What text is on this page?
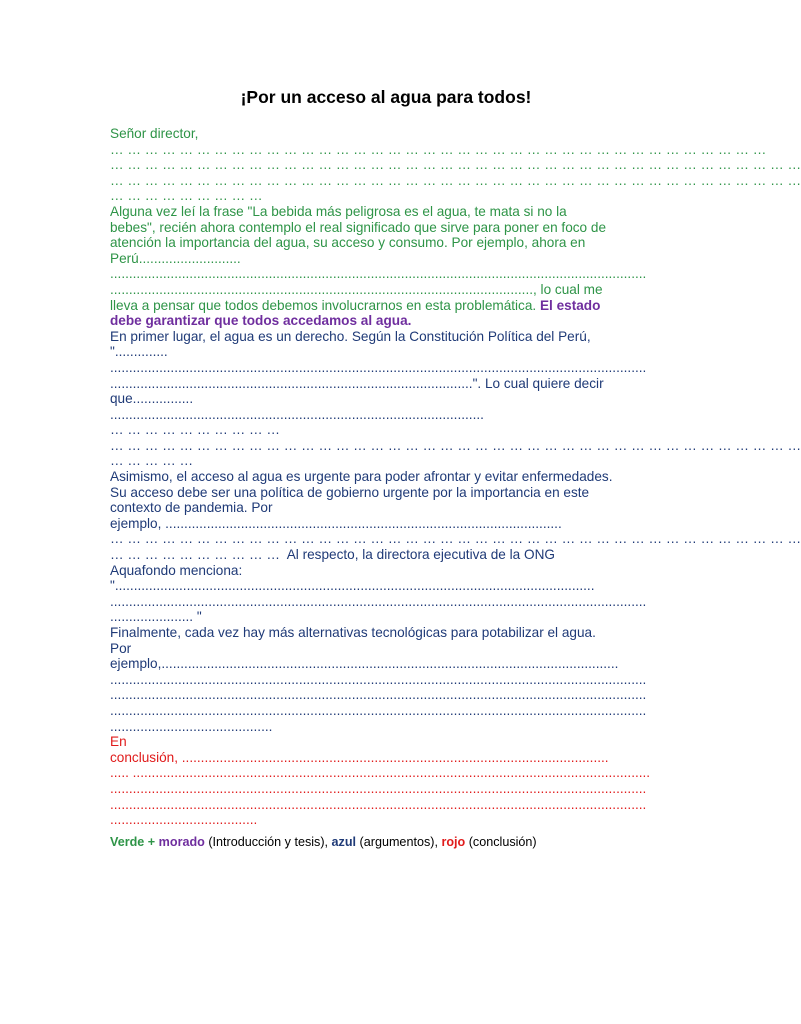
¡Por un acceso al agua para todos!
Señor director,
… … … … … … … … … … … … … … … … … … … … … … … … … … … … … … … … … … … … … …
… … … … … … … … … … … … … … … … … … … … … … … … … … … … … … … … … … … … … … … …
… … … … … … … … … … … … … … … … … … … … … … … … … … … … … … … … … … … … … … … …
… … … … … … … … …
Alguna vez leí la frase "La bebida más peligrosa es el agua, te mata si no la
bebes", recién ahora contemplo el real significado que sirve para poner en foco de
atención la importancia del agua, su acceso y consumo. Por ejemplo, ahora en
Perú...........................
..............................................................................................................................................
................................................................................................................, lo cual me
lleva a pensar que todos debemos involucrarnos en esta problemática. El estado
debe garantizar que todos accedamos al agua.
En primer lugar, el agua es un derecho. Según la Constitución Política del Perú,
"..............
..............................................................................................................................................
................................................................................................". Lo cual quiere decir
que................
...................................................................................................
… … … … … … … … … …
… … … … … … … … … … … … … … … … … … … … … … … … … … … … … … … … … … … … … … … …
… … … … …
Asimismo, el acceso al agua es urgente para poder afrontar y evitar enfermedades.
Su acceso debe ser una política de gobierno urgente por la importancia en este
contexto de pandemia. Por
ejemplo, .........................................................................................................
… … … … … … … … … … … … … … … … … … … … … … … … … … … … … … … … … … … … … … … …
… … … … … … … … … …  Al respecto, la directora ejecutiva de la ONG
Aquafondo menciona:
"...............................................................................................................................
..............................................................................................................................................
...................... "
Finalmente, cada vez hay más alternativas tecnológicas para potabilizar el agua.
Por
ejemplo,.........................................................................................................................
..............................................................................................................................................
..............................................................................................................................................
..............................................................................................................................................
...........................................
En
conclusión, .................................................................................................................
..... .........................................................................................................................................
..............................................................................................................................................
..............................................................................................................................................
.......................................
Verde + morado (Introducción y tesis), azul (argumentos), rojo (conclusión)
